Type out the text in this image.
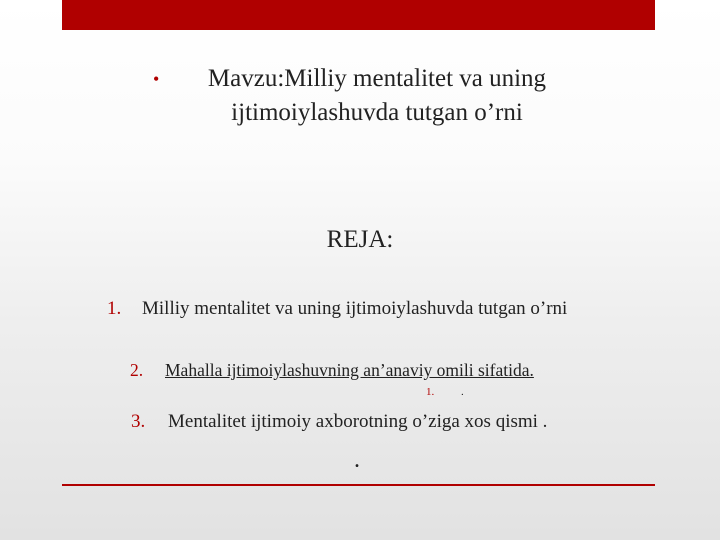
•	Mavzu:Milliy mentalitet va uning ijtimoiylashuvda tutgan o’rni
REJA:
1. Milliy mentalitet va uning ijtimoiylashuvda tutgan o’rni
2. Mahalla ijtimoiylashuvning an’anaviy omili sifatida.
1. .
3. Mentalitet ijtimoiy axborotning o’ziga xos qismi .
.
